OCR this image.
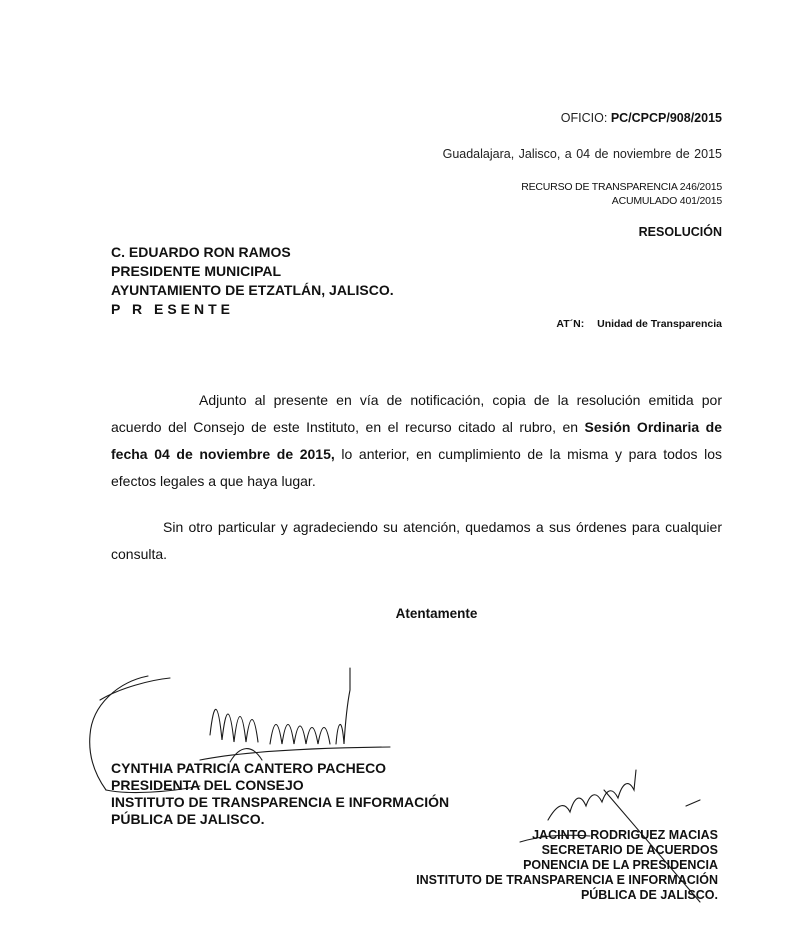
OFICIO: PC/CPCP/908/2015
Guadalajara, Jalisco, a 04 de noviembre de 2015
RECURSO DE TRANSPARENCIA 246/2015
ACUMULADO 401/2015
RESOLUCIÓN
C. EDUARDO RON RAMOS
PRESIDENTE MUNICIPAL
AYUNTAMIENTO DE ETZATLÁN, JALISCO.
P R ESENTE
AT´N: Unidad de Transparencia
Adjunto al presente en vía de notificación, copia de la resolución emitida por acuerdo del Consejo de este Instituto, en el recurso citado al rubro, en Sesión Ordinaria de fecha 04 de noviembre de 2015, lo anterior, en cumplimiento de la misma y para todos los efectos legales a que haya lugar.
Sin otro particular y agradeciendo su atención, quedamos a sus órdenes para cualquier consulta.
Atentamente
CYNTHIA PATRICIA CANTERO PACHECO
PRESIDENTA DEL CONSEJO
INSTITUTO DE TRANSPARENCIA E INFORMACIÓN
PÚBLICA DE JALISCO.
JACINTO RODRIGUEZ MACIAS
SECRETARIO DE ACUERDOS
PONENCIA DE LA PRESIDENCIA
INSTITUTO DE TRANSPARENCIA E INFORMACIÓN
PÚBLICA DE JALISCO.
